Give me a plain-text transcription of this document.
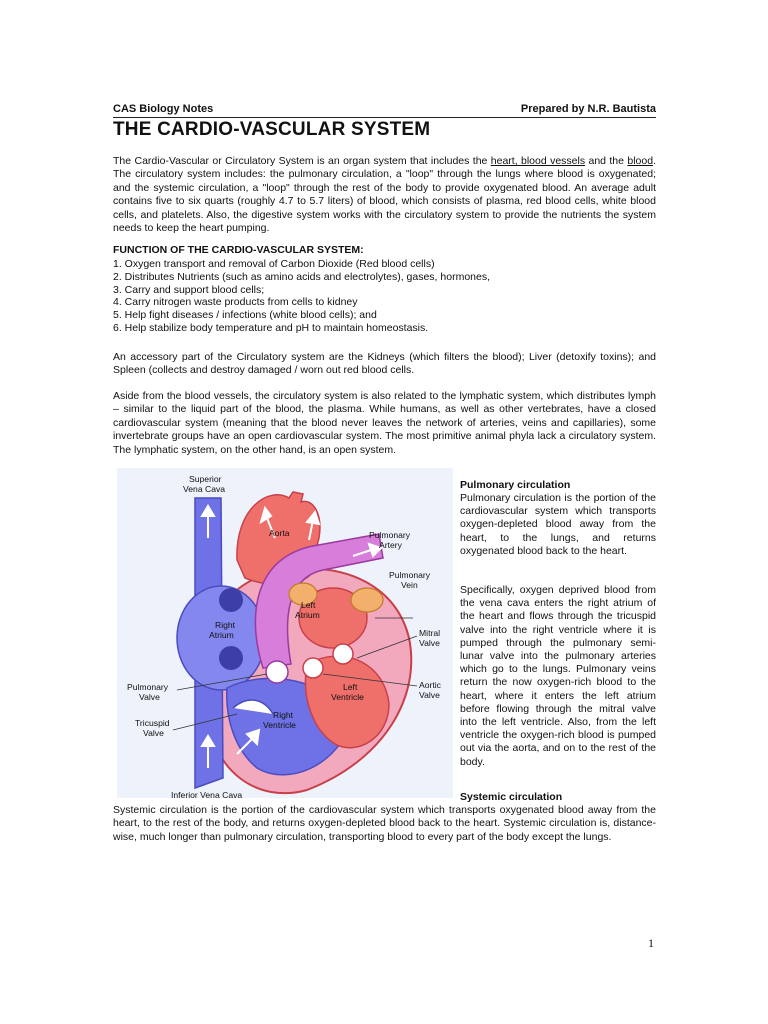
CAS Biology Notes	Prepared by N.R. Bautista
THE CARDIO-VASCULAR SYSTEM

The Cardio-Vascular or Circulatory System is an organ system that includes the heart, blood vessels and the blood. The circulatory system includes: the pulmonary circulation, a "loop" through the lungs where blood is oxygenated; and the systemic circulation, a "loop" through the rest of the body to provide oxygenated blood. An average adult contains five to six quarts (roughly 4.7 to 5.7 liters) of blood, which consists of plasma, red blood cells, white blood cells, and platelets. Also, the digestive system works with the circulatory system to provide the nutrients the system needs to keep the heart pumping.

FUNCTION OF THE CARDIO-VASCULAR SYSTEM:
1. Oxygen transport and removal of Carbon Dioxide (Red blood cells)
2. Distributes Nutrients (such as amino acids and electrolytes), gases, hormones,
3. Carry and support blood cells;
4. Carry nitrogen waste products from cells to kidney
5. Help fight diseases / infections (white blood cells); and
6. Help stabilize body temperature and pH to maintain homeostasis.

An accessory part of the Circulatory system are the Kidneys (which filters the blood); Liver (detoxify toxins); and Spleen (collects and destroy damaged / worn out red blood cells.

Aside from the blood vessels, the circulatory system is also related to the lymphatic system, which distributes lymph – similar to the liquid part of the blood, the plasma. While humans, as well as other vertebrates, have a closed cardiovascular system (meaning that the blood never leaves the network of arteries, veins and capillaries), some invertebrate groups have an open cardiovascular system. The most primitive animal phyla lack a circulatory system. The lymphatic system, on the other hand, is an open system.

Superior
Vena Cava
Aorta	Pulmonary
Artery
Pulmonary
Vein
Left
Atrium
Right
Atrium	Mitral
Valve
Pulmonary
Valve
Left
Ventricle
Aortic
Valve
Tricuspid
Valve
Right
Ventricle
Inferior Vena Cava
Pulmonary circulation

Pulmonary circulation is the portion of the cardiovascular system which transports oxygen-depleted blood away from the heart, to the lungs, and returns oxygenated blood back to the heart.

Specifically, oxygen deprived blood from the vena cava enters the right atrium of the heart and flows through the tricuspid valve into the right ventricle where it is pumped through the pulmonary semi-lunar valve into the pulmonary arteries which go to the lungs. Pulmonary veins return the now oxygen-rich blood to the heart, where it enters the left atrium before flowing through the mitral valve into the left ventricle. Also, from the left ventricle the oxygen-rich blood is pumped out via the aorta, and on to the rest of the body.

Systemic circulation

Systemic circulation is the portion of the cardiovascular system which transports oxygenated blood away from the heart, to the rest of the body, and returns oxygen-depleted blood back to the heart. Systemic circulation is, distance-wise, much longer than pulmonary circulation, transporting blood to every part of the body except the lungs.

1
